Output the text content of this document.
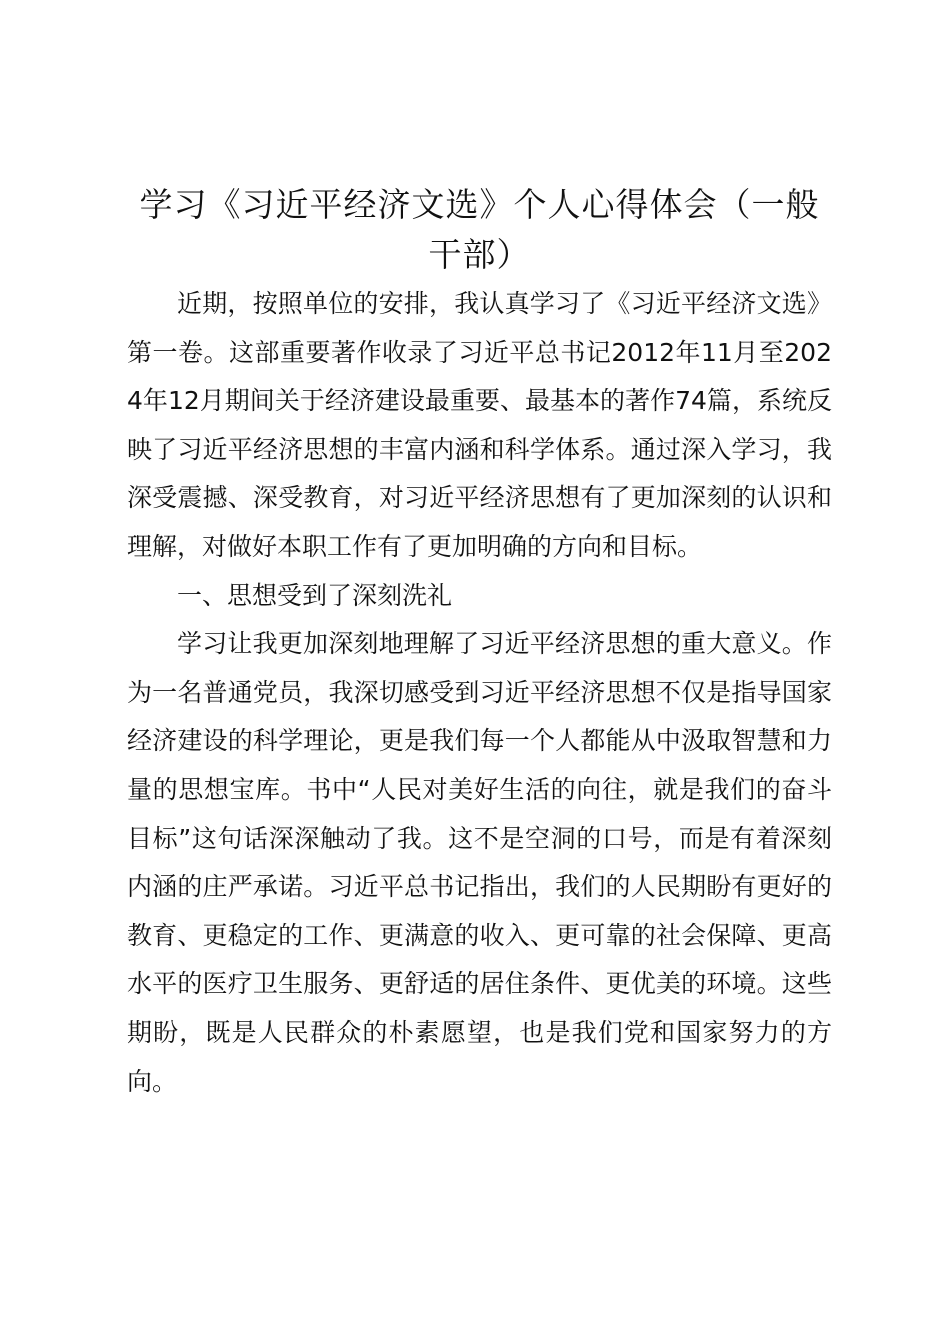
学习《习近平经济文选》个人心得体会（一般干部）

近期，按照单位的安排，我认真学习了《习近平经济文选》第一卷。这部重要著作收录了习近平总书记2012年11月至2024年12月期间关于经济建设最重要、最基本的著作74篇，系统反映了习近平经济思想的丰富内涵和科学体系。通过深入学习，我深受震撼、深受教育，对习近平经济思想有了更加深刻的认识和理解，对做好本职工作有了更加明确的方向和目标。

一、思想受到了深刻洗礼

学习让我更加深刻地理解了习近平经济思想的重大意义。作为一名普通党员，我深切感受到习近平经济思想不仅是指导国家经济建设的科学理论，更是我们每一个人都能从中汲取智慧和力量的思想宝库。书中“人民对美好生活的向往，就是我们的奋斗目标”这句话深深触动了我。这不是空洞的口号，而是有着深刻内涵的庄严承诺。习近平总书记指出，我们的人民期盼有更好的教育、更稳定的工作、更满意的收入、更可靠的社会保障、更高水平的医疗卫生服务、更舒适的居住条件、更优美的环境。这些期盼，既是人民群众的朴素愿望，也是我们党和国家努力的方向。
